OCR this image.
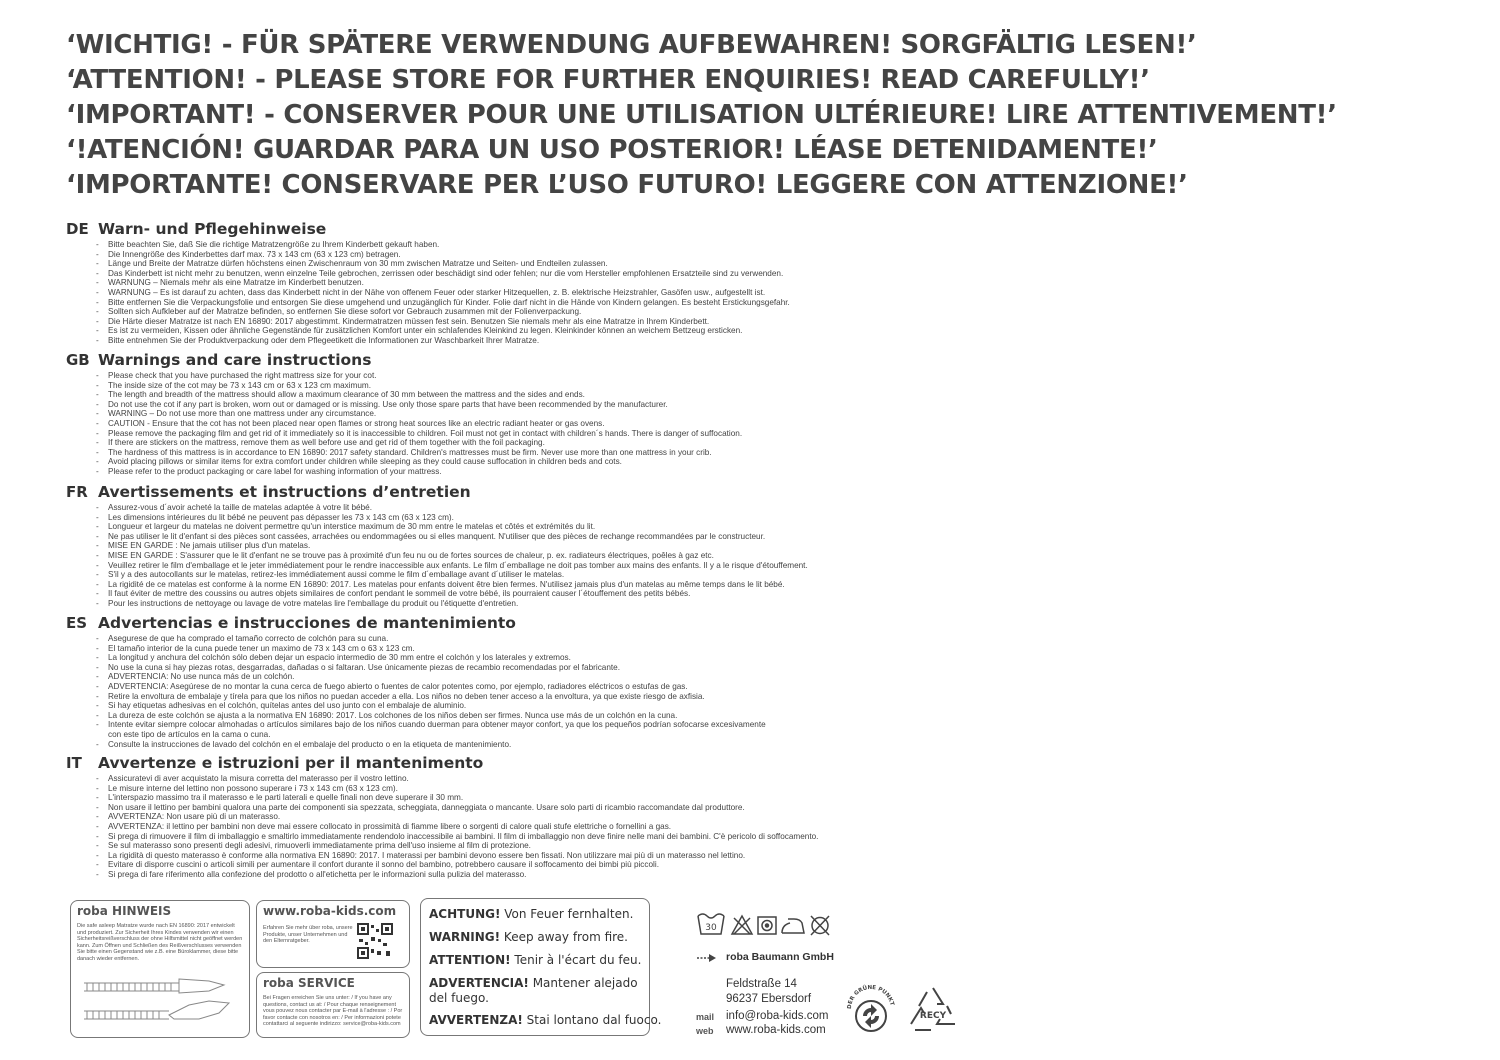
‘WICHTIG! - FÜR SPÄTERE VERWENDUNG AUFBEWAHREN! SORGFÄLTIG LESEN!’
‘ATTENTION! - PLEASE STORE FOR FURTHER ENQUIRIES! READ CAREFULLY!’
‘IMPORTANT! - CONSERVER POUR UNE UTILISATION ULTÉRIEURE! LIRE ATTENTIVEMENT!’
‘!ATENCIÓN! GUARDAR PARA UN USO POSTERIOR! LÉASE DETENIDAMENTE!’
‘IMPORTANTE! CONSERVARE PER L’USO FUTURO! LEGGERE CON ATTENZIONE!’
DE Warn- und Pflegehinweise
- Bitte beachten Sie, daß Sie die richtige Matratzengröße zu Ihrem Kinderbett gekauft haben.
- Die Innengröße des Kinderbettes darf max. 73 x 143 cm (63 x 123 cm) betragen.
- Länge und Breite der Matratze dürfen höchstens einen Zwischenraum von 30 mm zwischen Matratze und Seiten- und Endteilen zulassen.
- Das Kinderbett ist nicht mehr zu benutzen, wenn einzelne Teile gebrochen, zerrissen oder beschädigt sind oder fehlen; nur die vom Hersteller empfohlenen Ersatzteile sind zu verwenden.
- WARNUNG – Niemals mehr als eine Matratze im Kinderbett benutzen.
- WARNUNG – Es ist darauf zu achten, dass das Kinderbett nicht in der Nähe von offenem Feuer oder starker Hitzequellen, z. B. elektrische Heizstrahler, Gasöfen usw., aufgestellt ist.
- Bitte entfernen Sie die Verpackungsfolie und entsorgen Sie diese umgehend und unzugänglich für Kinder. Folie darf nicht in die Hände von Kindern gelangen. Es besteht Erstickungsgefahr.
- Sollten sich Aufkleber auf der Matratze befinden, so entfernen Sie diese sofort vor Gebrauch zusammen mit der Folienverpackung.
- Die Härte dieser Matratze ist nach EN 16890: 2017 abgestimmt. Kindermatratzen müssen fest sein. Benutzen Sie niemals mehr als eine Matratze in Ihrem Kinderbett.
- Es ist zu vermeiden, Kissen oder ähnliche Gegenstände für zusätzlichen Komfort unter ein schlafendes Kleinkind zu legen. Kleinkinder können an weichem Bettzeug ersticken.
- Bitte entnehmen Sie der Produktverpackung oder dem Pflegeetikett die Informationen zur Waschbarkeit Ihrer Matratze.
GB Warnings and care instructions
- Please check that you have purchased the right mattress size for your cot.
- The inside size of the cot may be 73 x 143 cm or 63 x 123 cm maximum.
- The length and breadth of the mattress should allow a maximum clearance of 30 mm between the mattress and the sides and ends.
- Do not use the cot if any part is broken, worn out or damaged or is missing. Use only those spare parts that have been recommended by the manufacturer.
- WARNING – Do not use more than one mattress under any circumstance.
- CAUTION - Ensure that the cot has not been placed near open flames or strong heat sources like an electric radiant heater or gas ovens.
- Please remove the packaging film and get rid of it immediately so it is inaccessible to children. Foil must not get in contact with children´s hands. There is danger of suffocation.
- If there are stickers on the mattress, remove them as well before use and get rid of them together with the foil packaging.
- The hardness of this mattress is in accordance to EN 16890: 2017 safety standard. Children's mattresses must be firm. Never use more than one mattress in your crib.
- Avoid placing pillows or similar items for extra comfort under children while sleeping as they could cause suffocation in children beds and cots.
- Please refer to the product packaging or care label for washing information of your mattress.
FR Avertissements et instructions d’entretien
- Assurez-vous d´avoir acheté la taille de matelas adaptée à votre lit bébé.
- Les dimensions intérieures du lit bébé ne peuvent pas dépasser les 73 x 143 cm (63 x 123 cm).
- Longueur et largeur du matelas ne doivent permettre qu'un interstice maximum de 30 mm entre le matelas et côtés et extrémités du lit.
- Ne pas utiliser le lit d'enfant si des pièces sont cassées, arrachées ou endommagées ou si elles manquent. N'utiliser que des pièces de rechange recommandées par le constructeur.
- MISE EN GARDE : Ne jamais utiliser plus d'un matelas.
- MISE EN GARDE : S'assurer que le lit d'enfant ne se trouve pas à proximité d'un feu nu ou de fortes sources de chaleur, p. ex. radiateurs électriques, poêles à gaz etc.
- Veuillez retirer le film d'emballage et le jeter immédiatement pour le rendre inaccessible aux enfants. Le film d´emballage ne doit pas tomber aux mains des enfants. Il y a le risque d'étouffement.
- S'il y a des autocollants sur le matelas, retirez-les immédiatement aussi comme le film d´emballage avant d´utiliser le matelas.
- La rigidité de ce matelas est conforme à la norme EN 16890: 2017. Les matelas pour enfants doivent être bien fermes. N'utilisez jamais plus d'un matelas au même temps dans le lit bébé.
- Il faut éviter de mettre des coussins ou autres objets similaires de confort pendant le sommeil de votre bébé, ils pourraient causer l´étouffement des petits bébés.
- Pour les instructions de nettoyage ou lavage de votre matelas lire l'emballage du produit ou l'étiquette d'entretien.
ES Advertencias e instrucciones de mantenimiento
- Asegurese de que ha comprado el tamaño correcto de colchón para su cuna.
- El tamaño interior de la cuna puede tener un maximo de 73 x 143 cm o 63 x 123 cm.
- La longitud y anchura del colchón sólo deben dejar un espacio intermedio de 30 mm entre el colchón y los laterales y extremos.
- No use la cuna si hay piezas rotas, desgarradas, dañadas o si faltaran. Use únicamente piezas de recambio recomendadas por el fabricante.
- ADVERTENCIA: No use nunca más de un colchón.
- ADVERTENCIA: Asegúrese de no montar la cuna cerca de fuego abierto o fuentes de calor potentes como, por ejemplo, radiadores eléctricos o estufas de gas.
- Retire la envoltura de embalaje y tírela para que los niños no puedan acceder a ella. Los niños no deben tener acceso a la envoltura, ya que existe riesgo de axfisia.
- Si hay etiquetas adhesivas en el colchón, quítelas antes del uso junto con el embalaje de aluminio.
- La dureza de este colchón se ajusta a la normativa EN 16890: 2017. Los colchones de los niños deben ser firmes. Nunca use más de un colchón en la cuna.
- Intente evitar siempre colocar almohadas o artículos similares bajo de los niños cuando duerman para obtener mayor confort, ya que los pequeños podrían sofocarse excesivamente
con este tipo de artículos en la cama o cuna.
- Consulte la instrucciones de lavado del colchón en el embalaje del producto o en la etiqueta de mantenimiento.
IT	Avvertenze e istruzioni per il mantenimento
- Assicuratevi di aver acquistato la misura corretta del materasso per il vostro lettino.
- Le misure interne del lettino non possono superare i 73 x 143 cm (63 x 123 cm).
- L'interspazio massimo tra il materasso e le parti laterali e quelle finali non deve superare il 30 mm.
- Non usare il lettino per bambini qualora una parte dei componenti sia spezzata, scheggiata, danneggiata o mancante. Usare solo parti di ricambio raccomandate dal produttore.
- AVVERTENZA: Non usare più di un materasso.
- AVVERTENZA: il lettino per bambini non deve mai essere collocato in prossimità di fiamme libere o sorgenti di calore quali stufe elettriche o fornellini a gas.
- Si prega di rimuovere il film di imballaggio e smaltirlo immediatamente rendendolo inaccessibile ai bambini. Il film di imballaggio non deve finire nelle mani dei bambini. C'è pericolo di soffocamento.
- Se sul materasso sono presenti degli adesivi, rimuoverli immediatamente prima dell'uso insieme al film di protezione.
- La rigidità di questo materasso è conforme alla normativa EN 16890: 2017. I materassi per bambini devono essere ben fissati. Non utilizzare mai più di un materasso nel lettino.
- Evitare di disporre cuscini o articoli simili per aumentare il confort durante il sonno del bambino, potrebbero causare il soffocamento dei bimbi più piccoli.
- Si prega di fare riferimento alla confezione del prodotto o all'etichetta per le informazioni sulla pulizia del materasso.
roba HINWEIS
Die safe asleep Matratze wurde nach EN 16890: 2017 entwickelt und produziert. Zur Sicherheit Ihres Kindes verwenden wir einen Sicherheitsreißverschluss der ohne Hilfsmittel nicht geöffnet werden kann. Zum Öffnen und Schließen des Reißverschlusses verwenden Sie bitte einen Gegenstand wie z.B. eine Büroklammer, diese bitte danach wieder entfernen.
www.roba-kids.com
Erfahren Sie mehr über roba, unsere Produkte, unser Unternehmen und den Elternratgeber.
roba SERVICE
Bei Fragen erreichen Sie uns unter: / If you have any questions, contact us at: / Pour chaque renseignement vous pouvez nous contacter par E-mail à l'adresse : / Por favor contacte con nosotros en: / Per informazioni potete contattarci al seguente indirizzo: service@roba-kids.com
ACHTUNG! Von Feuer fernhalten.
WARNING! Keep away from fire.
ATTENTION! Tenir à l'écart du feu.
ADVERTENCIA! Mantener alejado
del fuego.
AVVERTENZA! Stai lontano dal fuoco.
30
roba Baumann GmbH
Feldstraße 14
96237 Ebersdorf
mail info@roba-kids.com
web www.roba-kids.com
DER GRÜNE PUNKT
RECY
